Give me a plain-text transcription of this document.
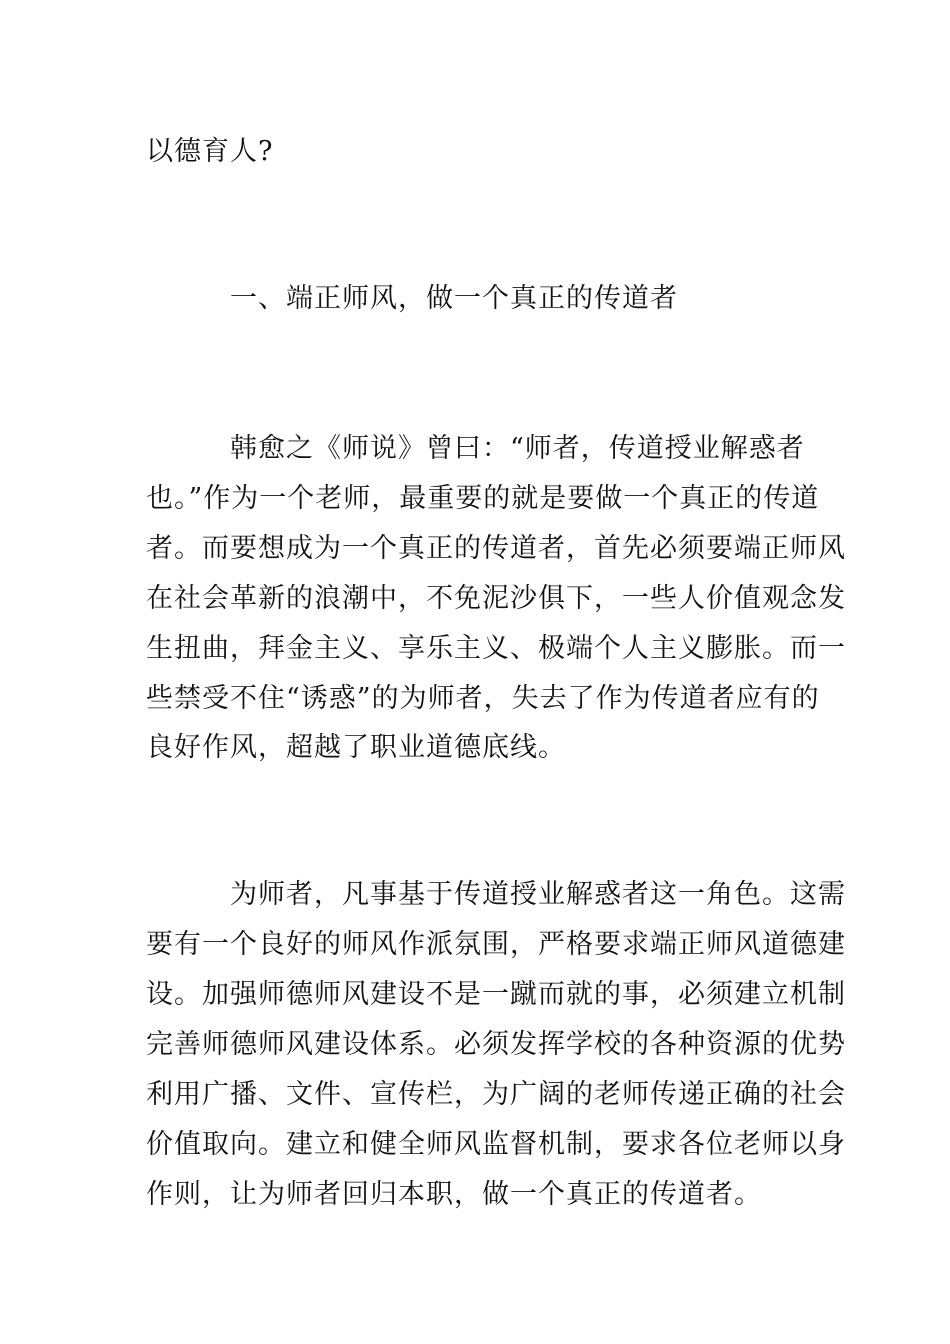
以德育人?
一、端正师风，做一个真正的传道者
韩愈之《师说》曾曰：“师者，传道授业解惑者
也。”作为一个老师，最重要的就是要做一个真正的传道
者。而要想成为一个真正的传道者，首先必须要端正师风
在社会革新的浪潮中，不免泥沙俱下，一些人价值观念发
生扭曲，拜金主义、享乐主义、极端个人主义膨胀。而一
些禁受不住“诱惑”的为师者，失去了作为传道者应有的
良好作风，超越了职业道德底线。
为师者，凡事基于传道授业解惑者这一角色。这需
要有一个良好的师风作派氛围，严格要求端正师风道德建
设。加强师德师风建设不是一蹴而就的事，必须建立机制
完善师德师风建设体系。必须发挥学校的各种资源的优势
利用广播、文件、宣传栏，为广阔的老师传递正确的社会
价值取向。建立和健全师风监督机制，要求各位老师以身
作则，让为师者回归本职，做一个真正的传道者。
